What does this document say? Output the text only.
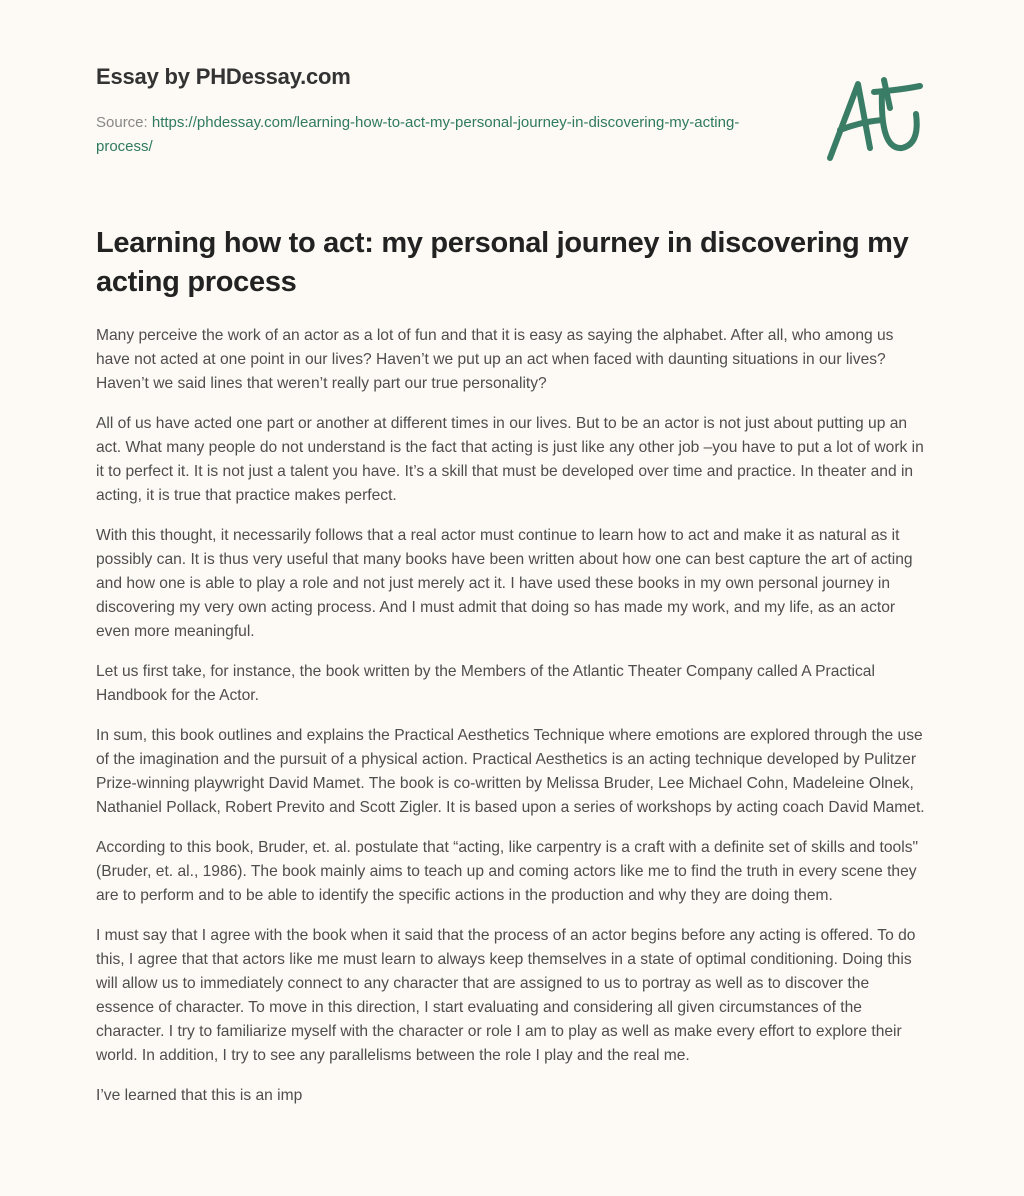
Essay by PHDessay.com
Source: https://phdessay.com/learning-how-to-act-my-personal-journey-in-discovering-my-acting-process/
Learning how to act: my personal journey in discovering my acting process

Many perceive the work of an actor as a lot of fun and that it is easy as saying the alphabet. After all, who among us have not acted at one point in our lives? Haven’t we put up an act when faced with daunting situations in our lives? Haven’t we said lines that weren’t really part our true personality?

All of us have acted one part or another at different times in our lives. But to be an actor is not just about putting up an act. What many people do not understand is the fact that acting is just like any other job –you have to put a lot of work in it to perfect it. It is not just a talent you have. It’s a skill that must be developed over time and practice. In theater and in acting, it is true that practice makes perfect.

With this thought, it necessarily follows that a real actor must continue to learn how to act and make it as natural as it possibly can. It is thus very useful that many books have been written about how one can best capture the art of acting and how one is able to play a role and not just merely act it. I have used these books in my own personal journey in discovering my very own acting process. And I must admit that doing so has made my work, and my life, as an actor even more meaningful.

Let us first take, for instance, the book written by the Members of the Atlantic Theater Company called A Practical Handbook for the Actor.

In sum, this book outlines and explains the Practical Aesthetics Technique where emotions are explored through the use of the imagination and the pursuit of a physical action. Practical Aesthetics is an acting technique developed by Pulitzer Prize-winning playwright David Mamet. The book is co-written by Melissa Bruder, Lee Michael Cohn, Madeleine Olnek, Nathaniel Pollack, Robert Previto and Scott Zigler. It is based upon a series of workshops by acting coach David Mamet.

According to this book, Bruder, et. al. postulate that “acting, like carpentry is a craft with a definite set of skills and tools" (Bruder, et. al., 1986). The book mainly aims to teach up and coming actors like me to find the truth in every scene they are to perform and to be able to identify the specific actions in the production and why they are doing them.

I must say that I agree with the book when it said that the process of an actor begins before any acting is offered. To do this, I agree that that actors like me must learn to always keep themselves in a state of optimal conditioning. Doing this will allow us to immediately connect to any character that are assigned to us to portray as well as to discover the essence of character. To move in this direction, I start evaluating and considering all given circumstances of the character. I try to familiarize myself with the character or role I am to play as well as make every effort to explore their world. In addition, I try to see any parallelisms between the role I play and the real me.

I’ve learned that this is an imp
